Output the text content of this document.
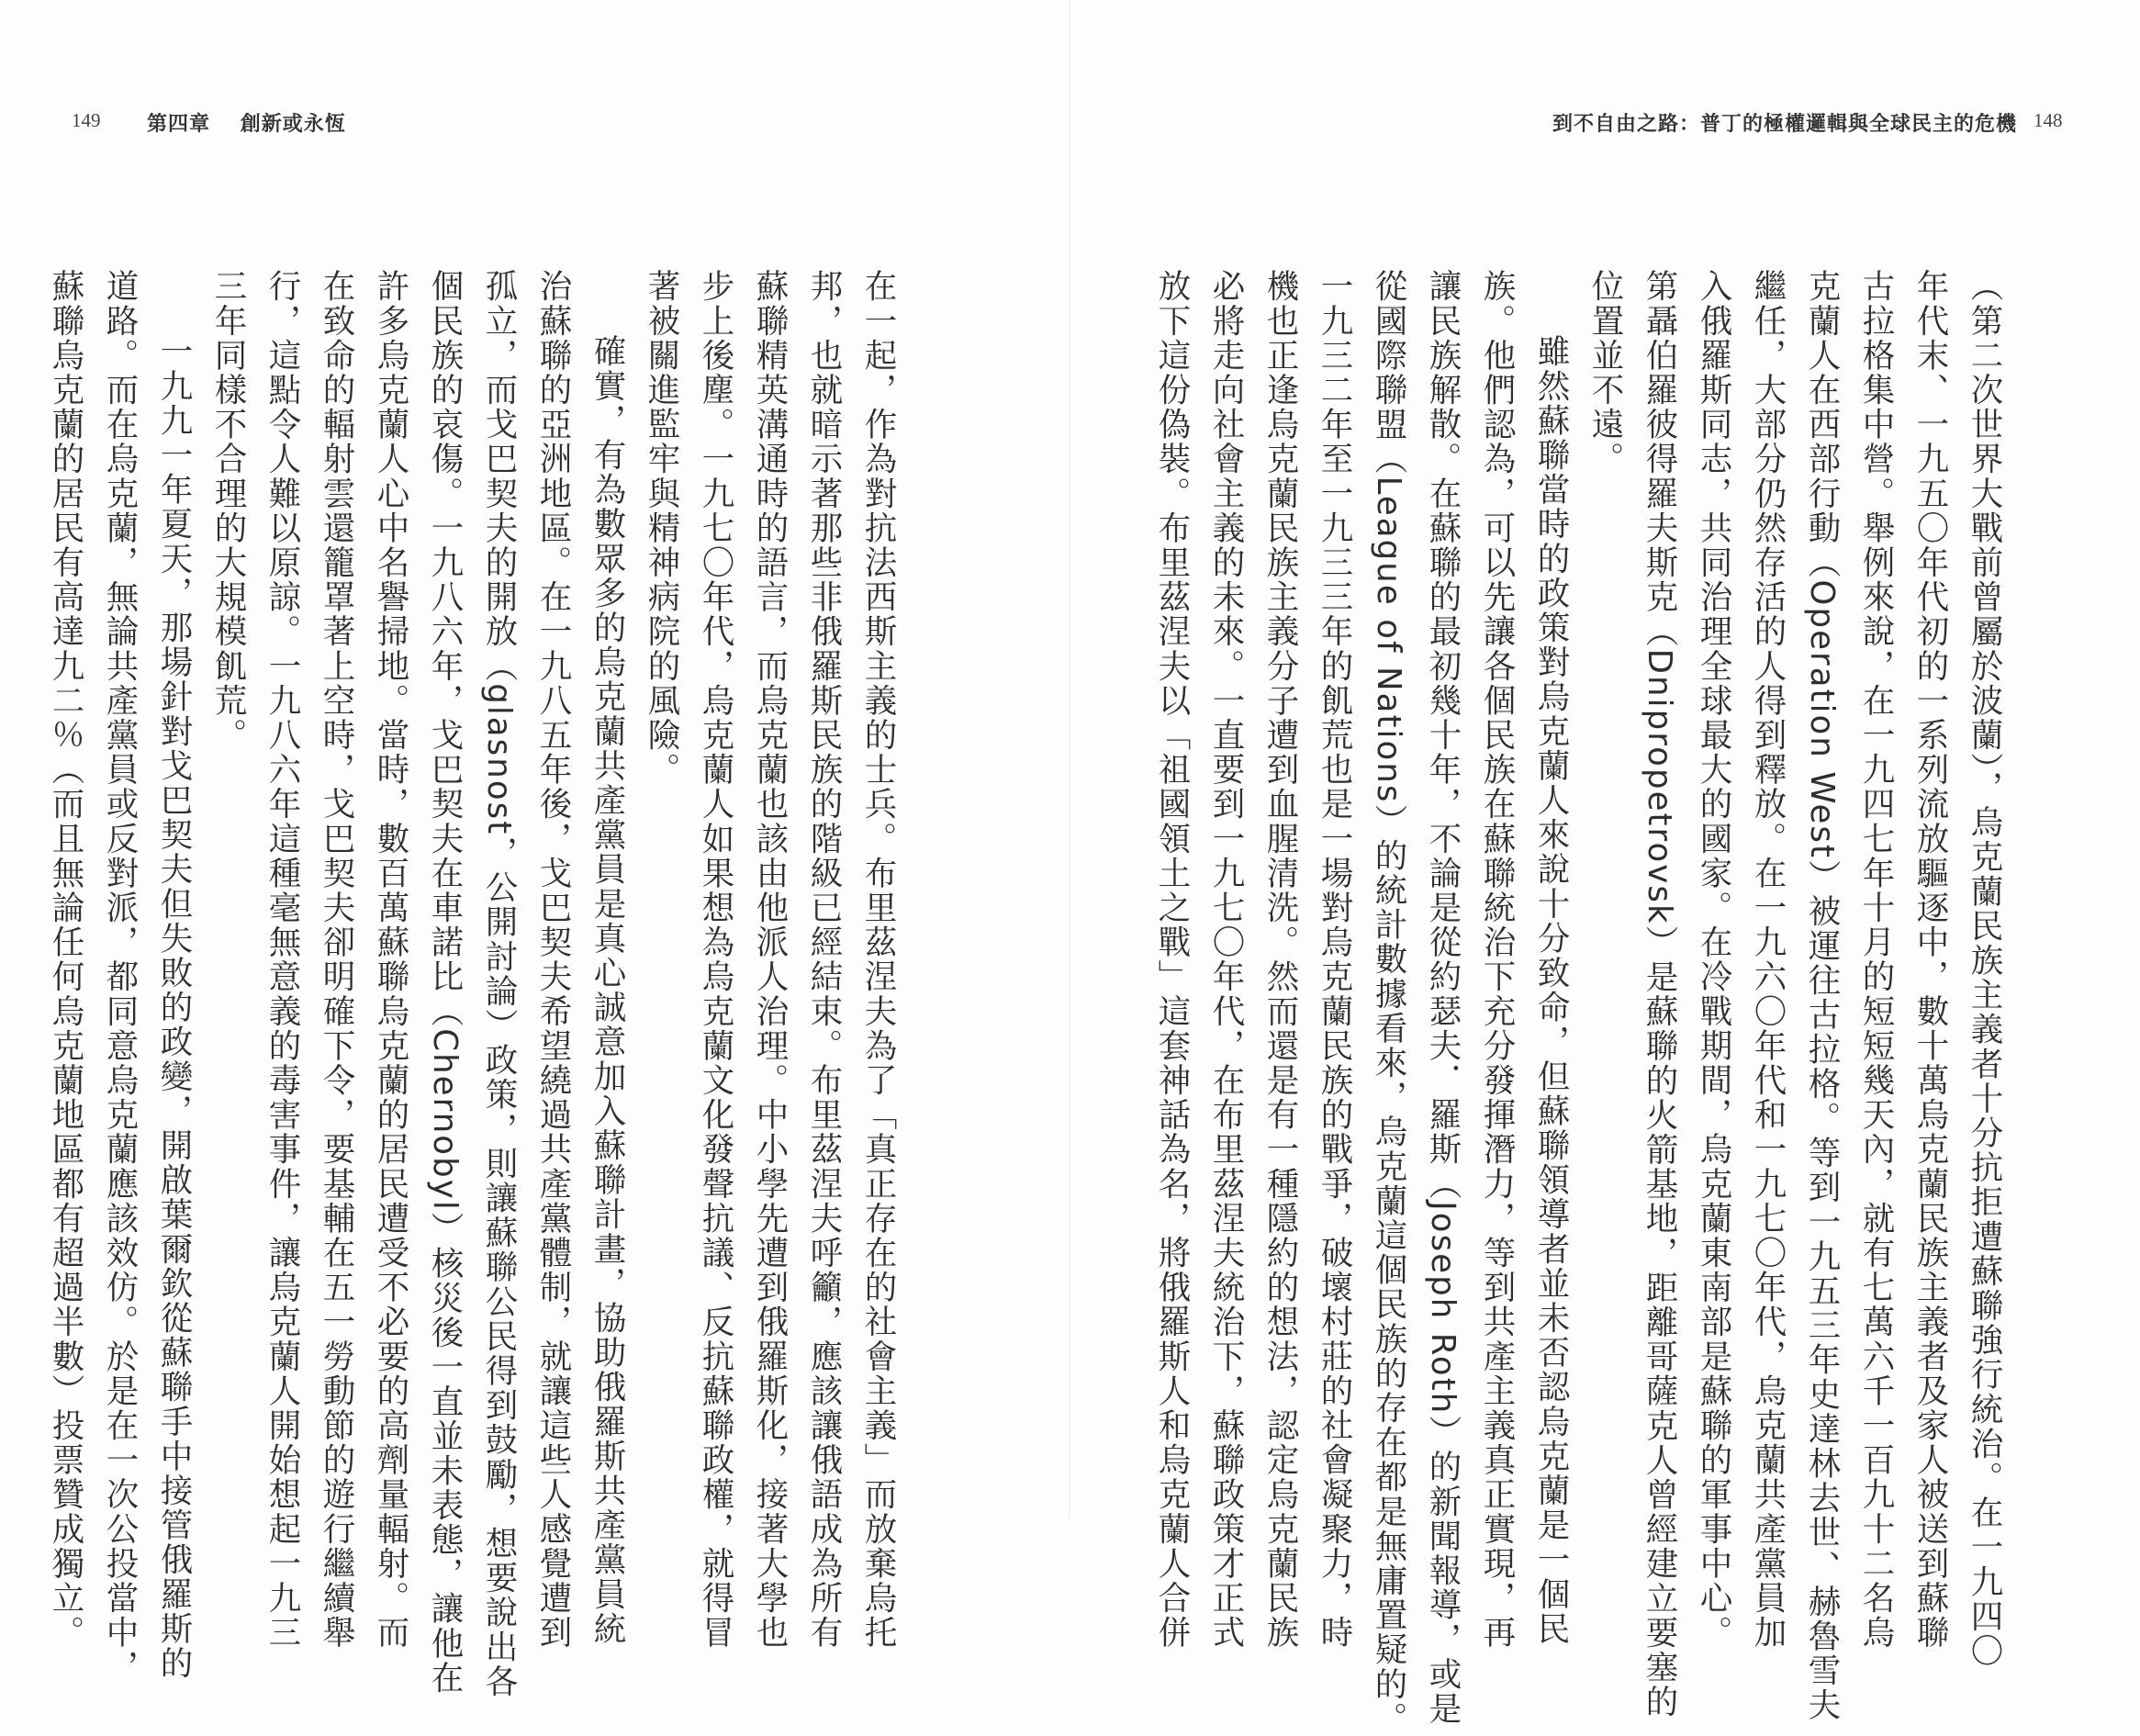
149 第四章 創新或永恆
在一起，作為對抗法西斯主義的士兵。布里茲涅夫為了「真正存在的社會主義」而放棄烏托
邦，也就暗示著那些非俄羅斯民族的階級已經結束。布里茲涅夫呼籲，應該讓俄語成為所有
蘇聯精英溝通時的語言，而烏克蘭也該由他派人治理。中小學先遭到俄羅斯化，接著大學也
步上後塵。一九七〇年代，烏克蘭人如果想為烏克蘭文化發聲抗議、反抗蘇聯政權，就得冒
著被關進監牢與精神病院的風險。
確實，有為數眾多的烏克蘭共產黨員是真心誠意加入蘇聯計畫，協助俄羅斯共產黨員統
治蘇聯的亞洲地區。在一九八五年後，戈巴契夫希望繞過共產黨體制，就讓這些人感覺遭到
孤立，而戈巴契夫的開放（glasnost，公開討論）政策，則讓蘇聯公民得到鼓勵，想要說出各
個民族的哀傷。一九八六年，戈巴契夫在車諾比（Chernobyl）核災後一直並未表態，讓他在
許多烏克蘭人心中名譽掃地。當時，數百萬蘇聯烏克蘭的居民遭受不必要的高劑量輻射。而
在致命的輻射雲還籠罩著上空時，戈巴契夫卻明確下令，要基輔在五一勞動節的遊行繼續舉
行，這點令人難以原諒。一九八六年這種毫無意義的毒害事件，讓烏克蘭人開始想起一九三
三年同樣不合理的大規模飢荒。
一九九一年夏天，那場針對戈巴契夫但失敗的政變，開啟葉爾欽從蘇聯手中接管俄羅斯的
道路。而在烏克蘭，無論共產黨員或反對派，都同意烏克蘭應該效仿。於是在一次公投當中，
蘇聯烏克蘭的居民有高達九二％（而且無論任何烏克蘭地區都有超過半數）投票贊成獨立。
到不自由之路：普丁的極權邏輯與全球民主的危機 148
（第二次世界大戰前曾屬於波蘭），烏克蘭民族主義者十分抗拒遭蘇聯強行統治。在一九四〇
年代末、一九五〇年代初的一系列流放驅逐中，數十萬烏克蘭民族主義者及家人被送到蘇聯
古拉格集中營。舉例來說，在一九四七年十月的短短幾天內，就有七萬六千一百九十二名烏
克蘭人在西部行動（Operation West）被運往古拉格。等到一九五三年史達林去世、赫魯雪夫
繼任，大部分仍然存活的人得到釋放。在一九六〇年代和一九七〇年代，烏克蘭共產黨員加
入俄羅斯同志，共同治理全球最大的國家。在冷戰期間，烏克蘭東南部是蘇聯的軍事中心。
第聶伯羅彼得羅夫斯克（Dnipropetrovsk）是蘇聯的火箭基地，距離哥薩克人曾經建立要塞的
位置並不遠。
雖然蘇聯當時的政策對烏克蘭人來說十分致命，但蘇聯領導者並未否認烏克蘭是一個民
族。他們認為，可以先讓各個民族在蘇聯統治下充分發揮潛力，等到共產主義真正實現，再
讓民族解散。在蘇聯的最初幾十年，不論是從約瑟夫．羅斯（Joseph Roth）的新聞報導，或是
從國際聯盟（League of Nations）的統計數據看來，烏克蘭這個民族的存在都是無庸置疑的。
一九三二年至一九三三年的飢荒也是一場對烏克蘭民族的戰爭，破壞村莊的社會凝聚力，時
機也正逢烏克蘭民族主義分子遭到血腥清洗。然而還是有一種隱約的想法，認定烏克蘭民族
必將走向社會主義的未來。一直要到一九七〇年代，在布里茲涅夫統治下，蘇聯政策才正式
放下這份偽裝。布里茲涅夫以「祖國領土之戰」這套神話為名，將俄羅斯人和烏克蘭人合併
